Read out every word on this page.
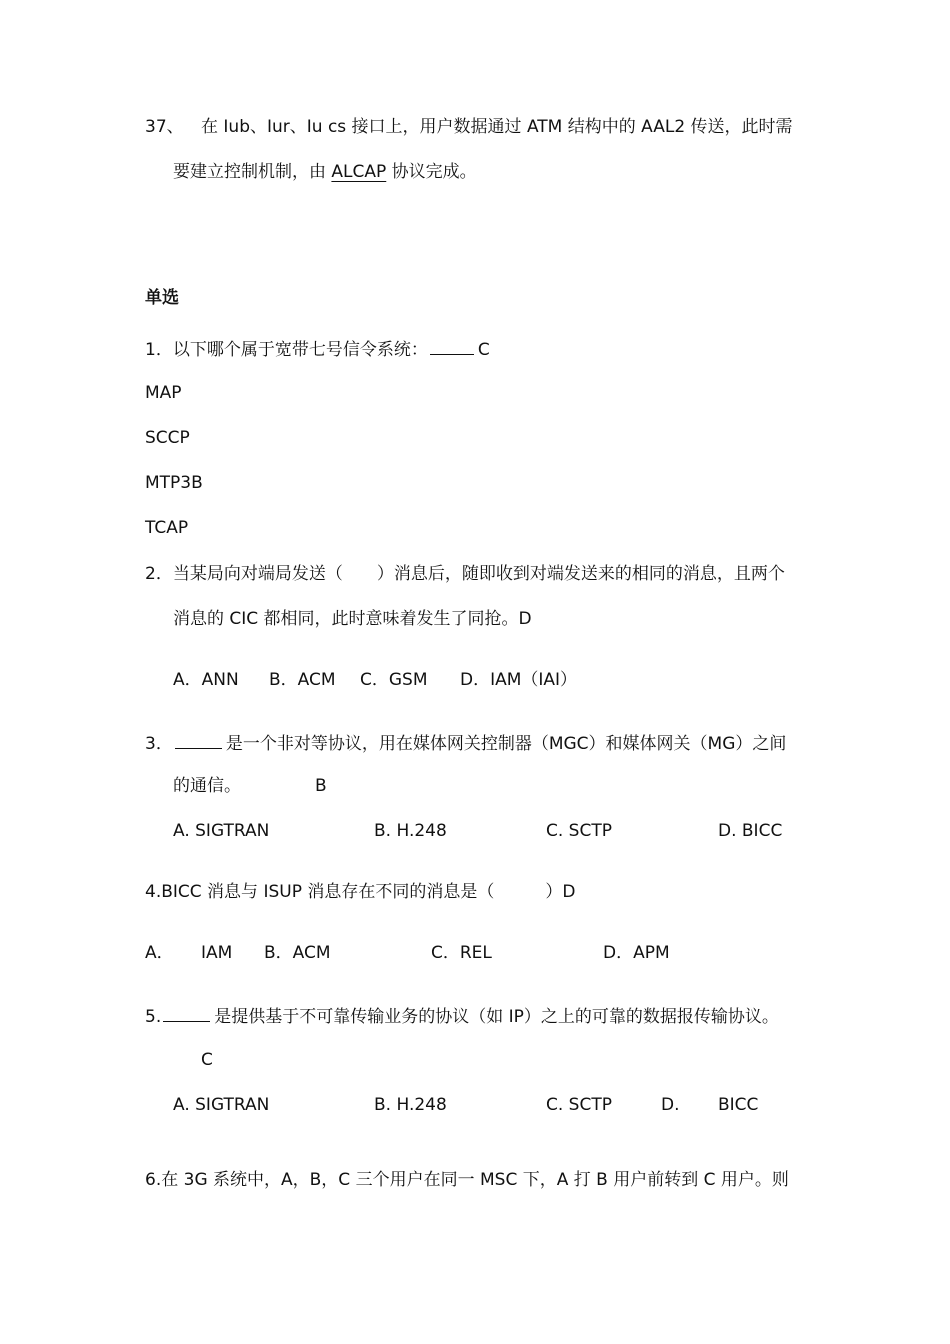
37、 在 Iub、Iur、Iu cs 接口上，用户数据通过 ATM 结构中的 AAL2 传送，此时需
要建立控制机制，由 ALCAP 协议完成。
单选
1．以下哪个属于宽带七号信令系统：	C
MAP
SCCP
MTP3B
TCAP
2．当某局向对端局发送（　　）消息后，随即收到对端发送来的相同的消息，且两个
消息的 CIC 都相同，此时意味着发生了同抢。D
A．ANN B．ACM C．GSM D．IAM（IAI）
3．	是一个非对等协议，用在媒体网关控制器（MGC）和媒体网关（MG）之间
的通信。	B
A. SIGTRAN	B. H.248	C. SCTP	D. BICC
4.BICC 消息与 ISUP 消息存在不同的消息是（　　　）D
A． IAM B．ACM	C．REL	D．APM
5.	是提供基于不可靠传输业务的协议（如 IP）之上的可靠的数据报传输协议。
C
A. SIGTRAN	B. H.248	C. SCTP	D. BICC
6.在 3G 系统中，A，B，C 三个用户在同一 MSC 下，A 打 B 用户前转到 C 用户。则
